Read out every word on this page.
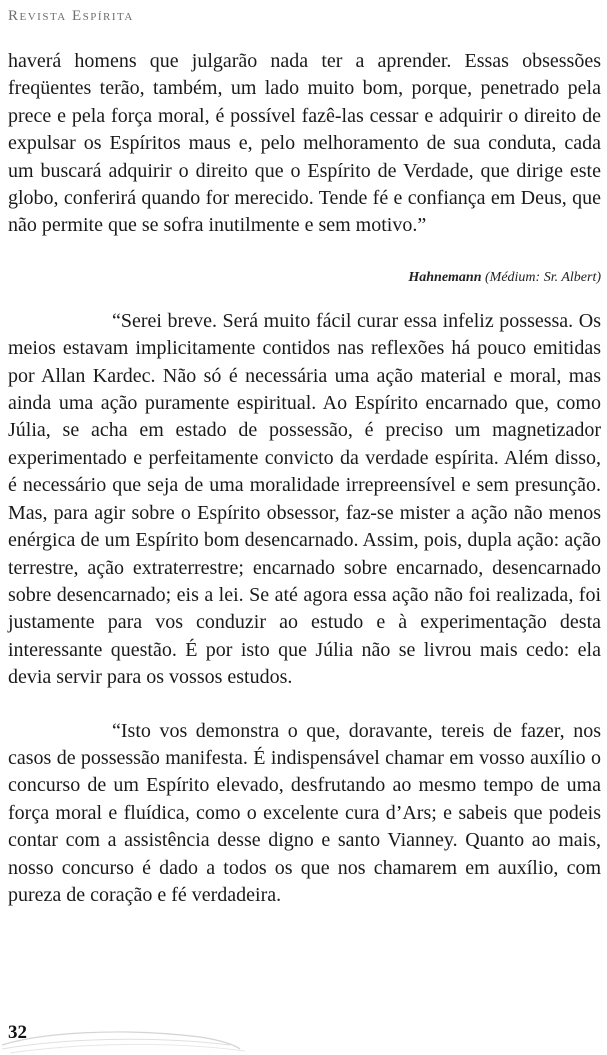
Revista Espírita

haverá homens que julgarão nada ter a aprender. Essas obsessões freqüentes terão, também, um lado muito bom, porque, penetrado pela prece e pela força moral, é possível fazê-las cessar e adquirir o direito de expulsar os Espíritos maus e, pelo melhoramento de sua conduta, cada um buscará adquirir o direito que o Espírito de Verdade, que dirige este globo, conferirá quando for merecido. Tende fé e confiança em Deus, que não permite que se sofra inutilmente e sem motivo.”

Hahnemann (Médium: Sr. Albert)

“Serei breve. Será muito fácil curar essa infeliz possessa. Os meios estavam implicitamente contidos nas reflexões há pouco emitidas por Allan Kardec. Não só é necessária uma ação material e moral, mas ainda uma ação puramente espiritual. Ao Espírito encarnado que, como Júlia, se acha em estado de possessão, é preciso um magnetizador experimentado e perfeitamente convicto da verdade espírita. Além disso, é necessário que seja de uma moralidade irrepreensível e sem presunção. Mas, para agir sobre o Espírito obsessor, faz-se mister a ação não menos enérgica de um Espírito bom desencarnado. Assim, pois, dupla ação: ação terrestre, ação extraterrestre; encarnado sobre encarnado, desencarnado sobre desencarnado; eis a lei. Se até agora essa ação não foi realizada, foi justamente para vos conduzir ao estudo e à experimentação desta interessante questão. É por isto que Júlia não se livrou mais cedo: ela devia servir para os vossos estudos.

“Isto vos demonstra o que, doravante, tereis de fazer, nos casos de possessão manifesta. É indispensável chamar em vosso auxílio o concurso de um Espírito elevado, desfrutando ao mesmo tempo de uma força moral e fluídica, como o excelente cura d’Ars; e sabeis que podeis contar com a assistência desse digno e santo Vianney. Quanto ao mais, nosso concurso é dado a todos os que nos chamarem em auxílio, com pureza de coração e fé verdadeira.

32
